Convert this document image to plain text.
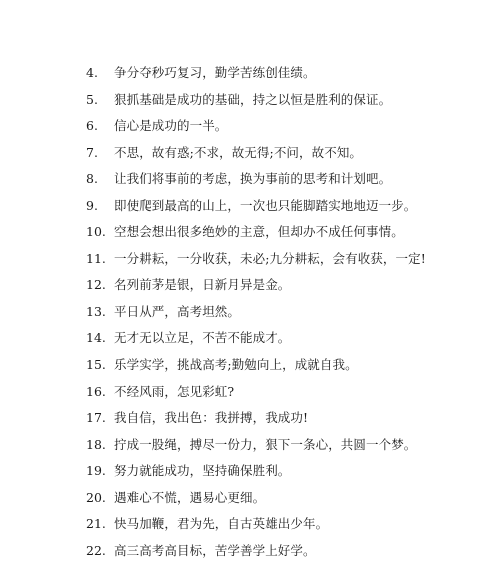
4.	争分夺秒巧复习，勤学苦练创佳绩。
5.	狠抓基础是成功的基础，持之以恒是胜利的保证。
6.	信心是成功的一半。
7.	不思，故有惑;不求，故无得;不问，故不知。
8.	让我们将事前的考虑，换为事前的思考和计划吧。
9.	即使爬到最高的山上，一次也只能脚踏实地地迈一步。
10. 空想会想出很多绝妙的主意，但却办不成任何事情。
11. 一分耕耘，一分收获，未必;九分耕耘，会有收获，一定!
12. 名列前茅是银，日新月异是金。
13. 平日从严，高考坦然。
14. 无才无以立足，不苦不能成才。
15. 乐学实学，挑战高考;勤勉向上，成就自我。
16. 不经风雨，怎见彩虹?
17. 我自信，我出色：我拼搏，我成功!
18. 拧成一股绳，搏尽一份力，狠下一条心，共圆一个梦。
19. 努力就能成功，坚持确保胜利。
20. 遇难心不慌，遇易心更细。
21. 快马加鞭，君为先，自古英雄出少年。
22. 高三高考高目标，苦学善学上好学。
